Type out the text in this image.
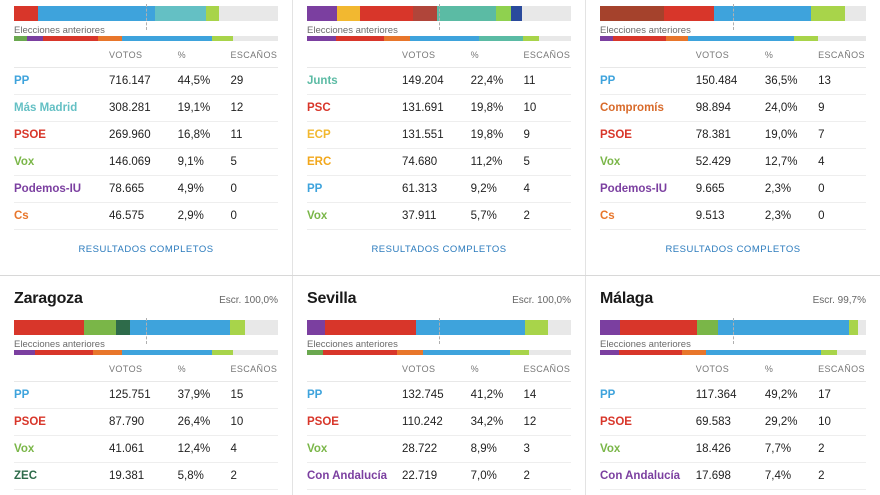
Elecciones anteriores
	VOTOS	%	ESCAÑOS
PP	716.147	44,5%	29
Más Madrid	308.281	19,1%	12
PSOE	269.960	16,8%	11
Vox	146.069	9,1%	5
Podemos-IU	78.665	4,9%	0
Cs	46.575	2,9%	0
RESULTADOS COMPLETOS
Elecciones anteriores
	VOTOS	%	ESCAÑOS
Junts	149.204	22,4%	11
PSC	131.691	19,8%	10
ECP	131.551	19,8%	9
ERC	74.680	11,2%	5
PP	61.313	9,2%	4
Vox	37.911	5,7%	2
RESULTADOS COMPLETOS
Elecciones anteriores
	VOTOS	%	ESCAÑOS
PP	150.484	36,5%	13
Compromís	98.894	24,0%	9
PSOE	78.381	19,0%	7
Vox	52.429	12,7%	4
Podemos-IU	9.665	2,3%	0
Cs	9.513	2,3%	0
RESULTADOS COMPLETOS
Zaragoza	Escr. 100,0%
Elecciones anteriores
	VOTOS	%	ESCAÑOS
PP	125.751	37,9%	15
PSOE	87.790	26,4%	10
Vox	41.061	12,4%	4
ZEC	19.381	5,8%	2
Sevilla	Escr. 100,0%
Elecciones anteriores
	VOTOS	%	ESCAÑOS
PP	132.745	41,2%	14
PSOE	110.242	34,2%	12
Vox	28.722	8,9%	3
Con Andalucía	22.719	7,0%	2
Málaga	Escr. 99,7%
Elecciones anteriores
	VOTOS	%	ESCAÑOS
PP	117.364	49,2%	17
PSOE	69.583	29,2%	10
Vox	18.426	7,7%	2
Con Andalucía	17.698	7,4%	2
